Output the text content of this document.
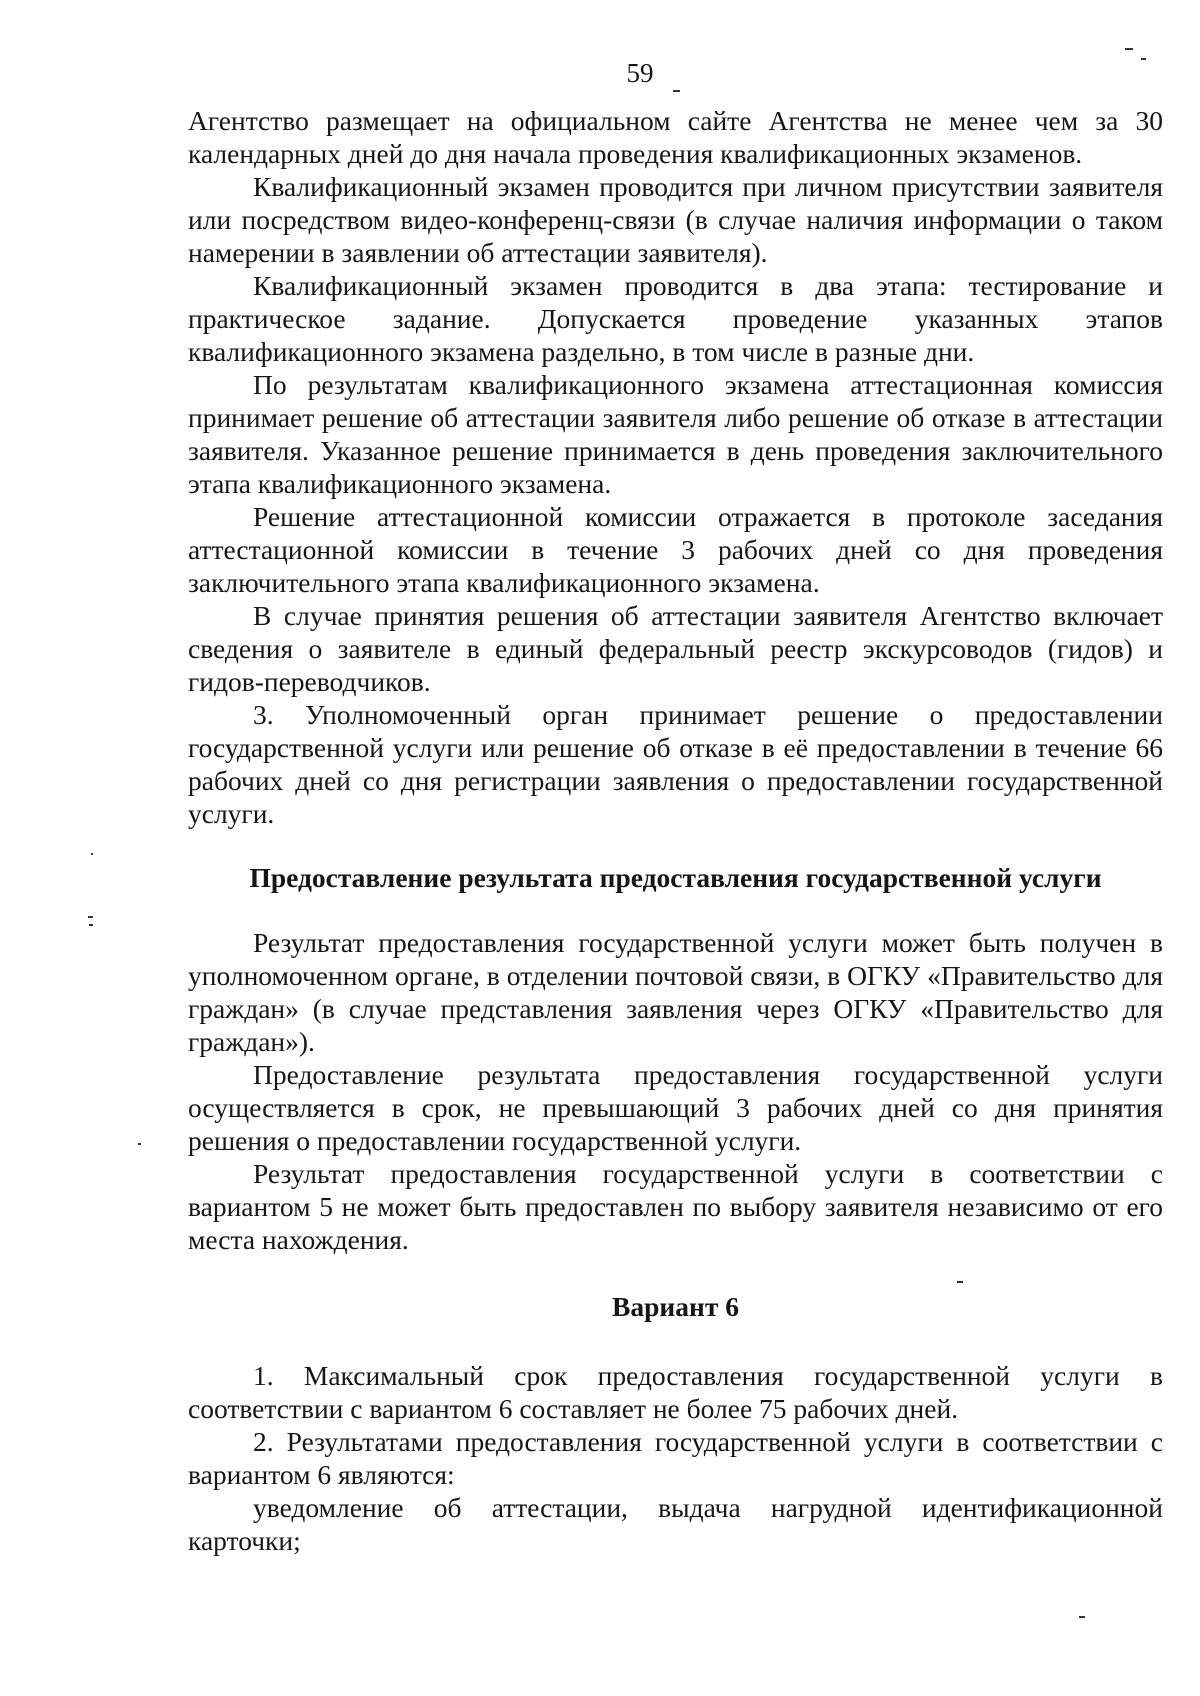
59

Агентство размещает на официальном сайте Агентства не менее чем за 30 календарных дней до дня начала проведения квалификационных экзаменов.

Квалификационный экзамен проводится при личном присутствии заявителя или посредством видео-конференц-связи (в случае наличия информации о таком намерении в заявлении об аттестации заявителя).

Квалификационный экзамен проводится в два этапа: тестирование и практическое задание. Допускается проведение указанных этапов квалификационного экзамена раздельно, в том числе в разные дни.

По результатам квалификационного экзамена аттестационная комиссия принимает решение об аттестации заявителя либо решение об отказе в аттестации заявителя. Указанное решение принимается в день проведения заключительного этапа квалификационного экзамена.

Решение аттестационной комиссии отражается в протоколе заседания аттестационной комиссии в течение 3 рабочих дней со дня проведения заключительного этапа квалификационного экзамена.

В случае принятия решения об аттестации заявителя Агентство включает сведения о заявителе в единый федеральный реестр экскурсоводов (гидов) и гидов-переводчиков.

3. Уполномоченный орган принимает решение о предоставлении государственной услуги или решение об отказе в её предоставлении в течение 66 рабочих дней со дня регистрации заявления о предоставлении государственной услуги.

Предоставление результата предоставления государственной услуги

Результат предоставления государственной услуги может быть получен в уполномоченном органе, в отделении почтовой связи, в ОГКУ «Правительство для граждан» (в случае представления заявления через ОГКУ «Правительство для граждан»).

Предоставление результата предоставления государственной услуги осуществляется в срок, не превышающий 3 рабочих дней со дня принятия решения о предоставлении государственной услуги.

Результат предоставления государственной услуги в соответствии с вариантом 5 не может быть предоставлен по выбору заявителя независимо от его места нахождения.

Вариант 6

1. Максимальный срок предоставления государственной услуги в соответствии с вариантом 6 составляет не более 75 рабочих дней.

2. Результатами предоставления государственной услуги в соответствии с вариантом 6 являются:

уведомление об аттестации, выдача нагрудной идентификационной карточки;
